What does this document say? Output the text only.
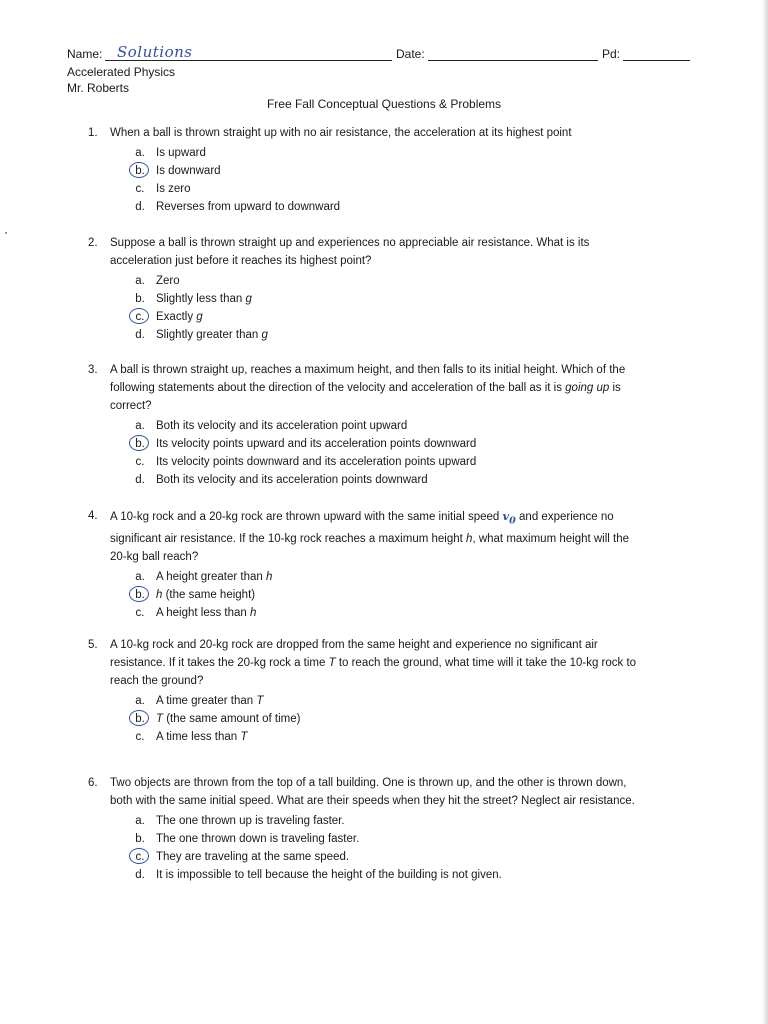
Name: Solutions	Date:	Pd:
Accelerated Physics
Mr. Roberts
Free Fall Conceptual Questions & Problems
1. When a ball is thrown straight up with no air resistance, the acceleration at its highest point
a. Is upward
b. Is downward
c.	Is zero
d. Reverses from upward to downward
2. Suppose a ball is thrown straight up and experiences no appreciable air resistance. What is its
acceleration just before it reaches its highest point?
a. Zero
b. Slightly less than g
c.	Exactly g
d. Slightly greater than g
3. A ball is thrown straight up, reaches a maximum height, and then falls to its initial height. Which of the
following statements about the direction of the velocity and acceleration of the ball as it is going up is
correct?
a. Both its velocity and its acceleration point upward
b. Its velocity points upward and its acceleration points downward
c.	Its velocity points downward and its acceleration points upward
d. Both its velocity and its acceleration points downward
4. A 10-kg rock and a 20-kg rock are thrown upward with the same initial speed $v_0$ and experience no
significant air resistance. If the 10-kg rock reaches a maximum height h, what maximum height will the
20-kg ball reach?
a. A height greater than h
b. h (the same height)
c.	A height less than h
5. A 10-kg rock and 20-kg rock are dropped from the same height and experience no significant air
resistance. If it takes the 20-kg rock a time T to reach the ground, what time will it take the 10-kg rock to
reach the ground?
a. A time greater than T
b. T (the same amount of time)
c.	A time less than T
6. Two objects are thrown from the top of a tall building. One is thrown up, and the other is thrown down,
both with the same initial speed. What are their speeds when they hit the street? Neglect air resistance.
a. The one thrown up is traveling faster.
b. The one thrown down is traveling faster.
c.	They are traveling at the same speed.
d. It is impossible to tell because the height of the building is not given.
